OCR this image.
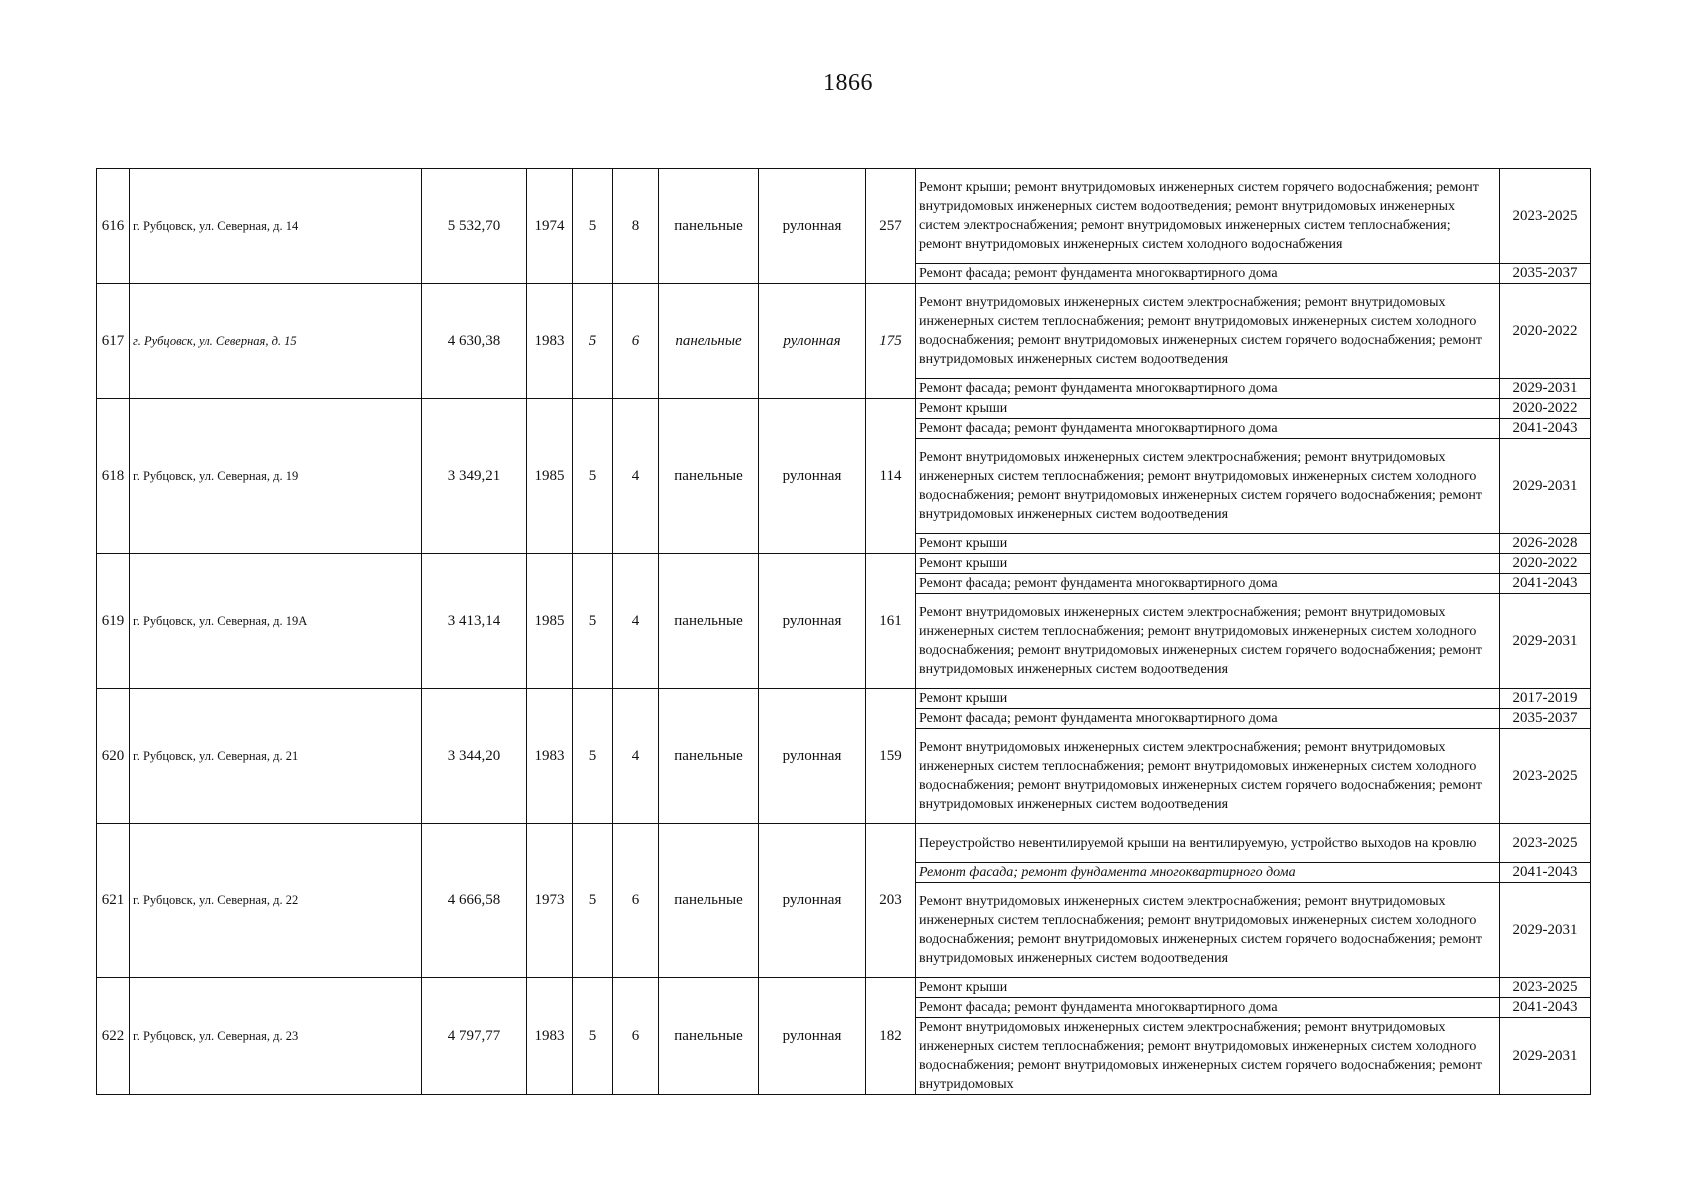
1866
616	г. Рубцовск, ул. Северная, д. 14	5 532,70	1974	5	8	панельные	рулонная	257	Ремонт крыши; ремонт внутридомовых инженерных систем горячего водоснабжения; ремонт внутридомовых инженерных систем водоотведения; ремонт внутридомовых инженерных систем электроснабжения; ремонт внутридомовых инженерных систем теплоснабжения; ремонт внутридомовых инженерных систем холодного водоснабжения	2023-2025
									Ремонт фасада; ремонт фундамента многоквартирного дома	2035-2037
617	г. Рубцовск, ул. Северная, д. 15	4 630,38	1983	5	6	панельные	рулонная	175	Ремонт внутридомовых инженерных систем электроснабжения; ремонт внутридомовых инженерных систем теплоснабжения; ремонт внутридомовых инженерных систем холодного водоснабжения; ремонт внутридомовых инженерных систем горячего водоснабжения; ремонт внутридомовых инженерных систем водоотведения	2020-2022
									Ремонт фасада; ремонт фундамента многоквартирного дома	2029-2031
618	г. Рубцовск, ул. Северная, д. 19	3 349,21	1985	5	4	панельные	рулонная	114	Ремонт крыши	2020-2022
									Ремонт фасада; ремонт фундамента многоквартирного дома	2041-2043
									Ремонт внутридомовых инженерных систем электроснабжения; ремонт внутридомовых инженерных систем теплоснабжения; ремонт внутридомовых инженерных систем холодного водоснабжения; ремонт внутридомовых инженерных систем горячего водоснабжения; ремонт внутридомовых инженерных систем водоотведения	2029-2031
									Ремонт крыши	2026-2028
619	г. Рубцовск, ул. Северная, д. 19А	3 413,14	1985	5	4	панельные	рулонная	161	Ремонт крыши	2020-2022
									Ремонт фасада; ремонт фундамента многоквартирного дома	2041-2043
									Ремонт внутридомовых инженерных систем электроснабжения; ремонт внутридомовых инженерных систем теплоснабжения; ремонт внутридомовых инженерных систем холодного водоснабжения; ремонт внутридомовых инженерных систем горячего водоснабжения; ремонт внутридомовых инженерных систем водоотведения	2029-2031
620	г. Рубцовск, ул. Северная, д. 21	3 344,20	1983	5	4	панельные	рулонная	159	Ремонт крыши	2017-2019
									Ремонт фасада; ремонт фундамента многоквартирного дома	2035-2037
									Ремонт внутридомовых инженерных систем электроснабжения; ремонт внутридомовых инженерных систем теплоснабжения; ремонт внутридомовых инженерных систем холодного водоснабжения; ремонт внутридомовых инженерных систем горячего водоснабжения; ремонт внутридомовых инженерных систем водоотведения	2023-2025
621	г. Рубцовск, ул. Северная, д. 22	4 666,58	1973	5	6	панельные	рулонная	203	Переустройство невентилируемой крыши на вентилируемую, устройство выходов на кровлю	2023-2025
									Ремонт фасада; ремонт фундамента многоквартирного дома	2041-2043
									Ремонт внутридомовых инженерных систем электроснабжения; ремонт внутридомовых инженерных систем теплоснабжения; ремонт внутридомовых инженерных систем холодного водоснабжения; ремонт внутридомовых инженерных систем горячего водоснабжения; ремонт внутридомовых инженерных систем водоотведения	2029-2031
622	г. Рубцовск, ул. Северная, д. 23	4 797,77	1983	5	6	панельные	рулонная	182	Ремонт крыши	2023-2025
									Ремонт фасада; ремонт фундамента многоквартирного дома	2041-2043
									Ремонт внутридомовых инженерных систем электроснабжения; ремонт внутридомовых инженерных систем теплоснабжения; ремонт внутридомовых инженерных систем холодного водоснабжения; ремонт внутридомовых инженерных систем горячего водоснабжения; ремонт внутридомовых	2029-2031
